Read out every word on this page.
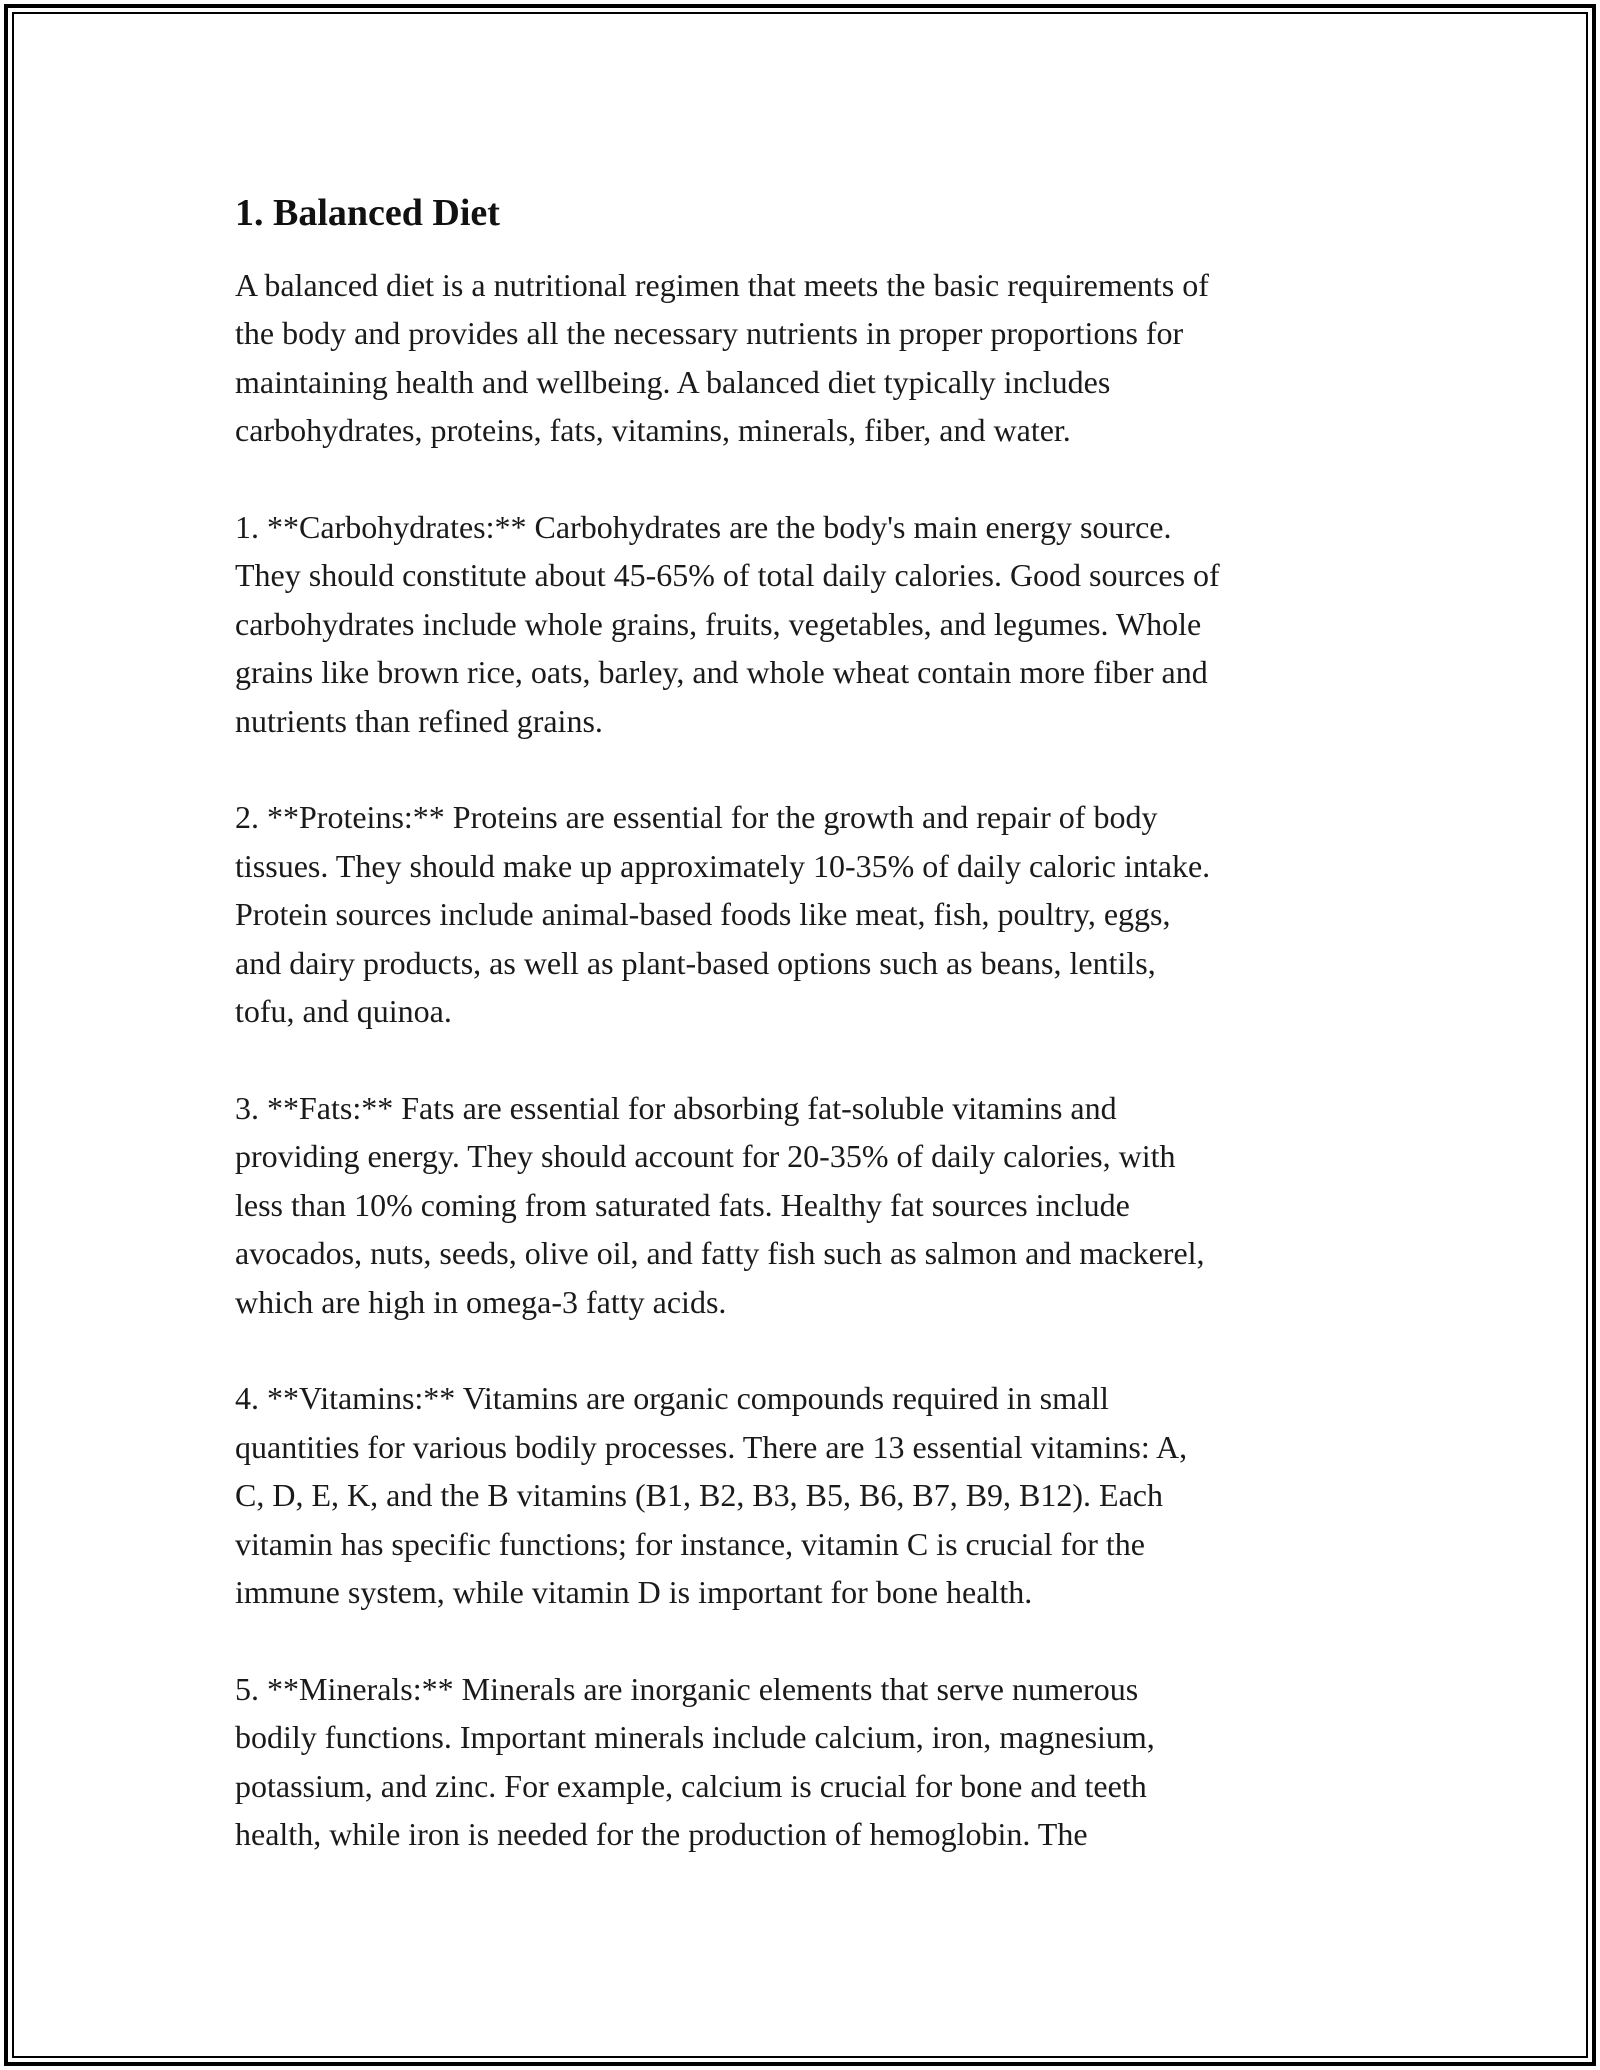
1. Balanced Diet

A balanced diet is a nutritional regimen that meets the basic requirements of
the body and provides all the necessary nutrients in proper proportions for
maintaining health and wellbeing. A balanced diet typically includes
carbohydrates, proteins, fats, vitamins, minerals, fiber, and water.

1. **Carbohydrates:** Carbohydrates are the body's main energy source.
They should constitute about 45-65% of total daily calories. Good sources of
carbohydrates include whole grains, fruits, vegetables, and legumes. Whole
grains like brown rice, oats, barley, and whole wheat contain more fiber and
nutrients than refined grains.

2. **Proteins:** Proteins are essential for the growth and repair of body
tissues. They should make up approximately 10-35% of daily caloric intake.
Protein sources include animal-based foods like meat, fish, poultry, eggs,
and dairy products, as well as plant-based options such as beans, lentils,
tofu, and quinoa.

3. **Fats:** Fats are essential for absorbing fat-soluble vitamins and
providing energy. They should account for 20-35% of daily calories, with
less than 10% coming from saturated fats. Healthy fat sources include
avocados, nuts, seeds, olive oil, and fatty fish such as salmon and mackerel,
which are high in omega-3 fatty acids.

4. **Vitamins:** Vitamins are organic compounds required in small
quantities for various bodily processes. There are 13 essential vitamins: A,
C, D, E, K, and the B vitamins (B1, B2, B3, B5, B6, B7, B9, B12). Each
vitamin has specific functions; for instance, vitamin C is crucial for the
immune system, while vitamin D is important for bone health.

5. **Minerals:** Minerals are inorganic elements that serve numerous
bodily functions. Important minerals include calcium, iron, magnesium,
potassium, and zinc. For example, calcium is crucial for bone and teeth
health, while iron is needed for the production of hemoglobin. The
